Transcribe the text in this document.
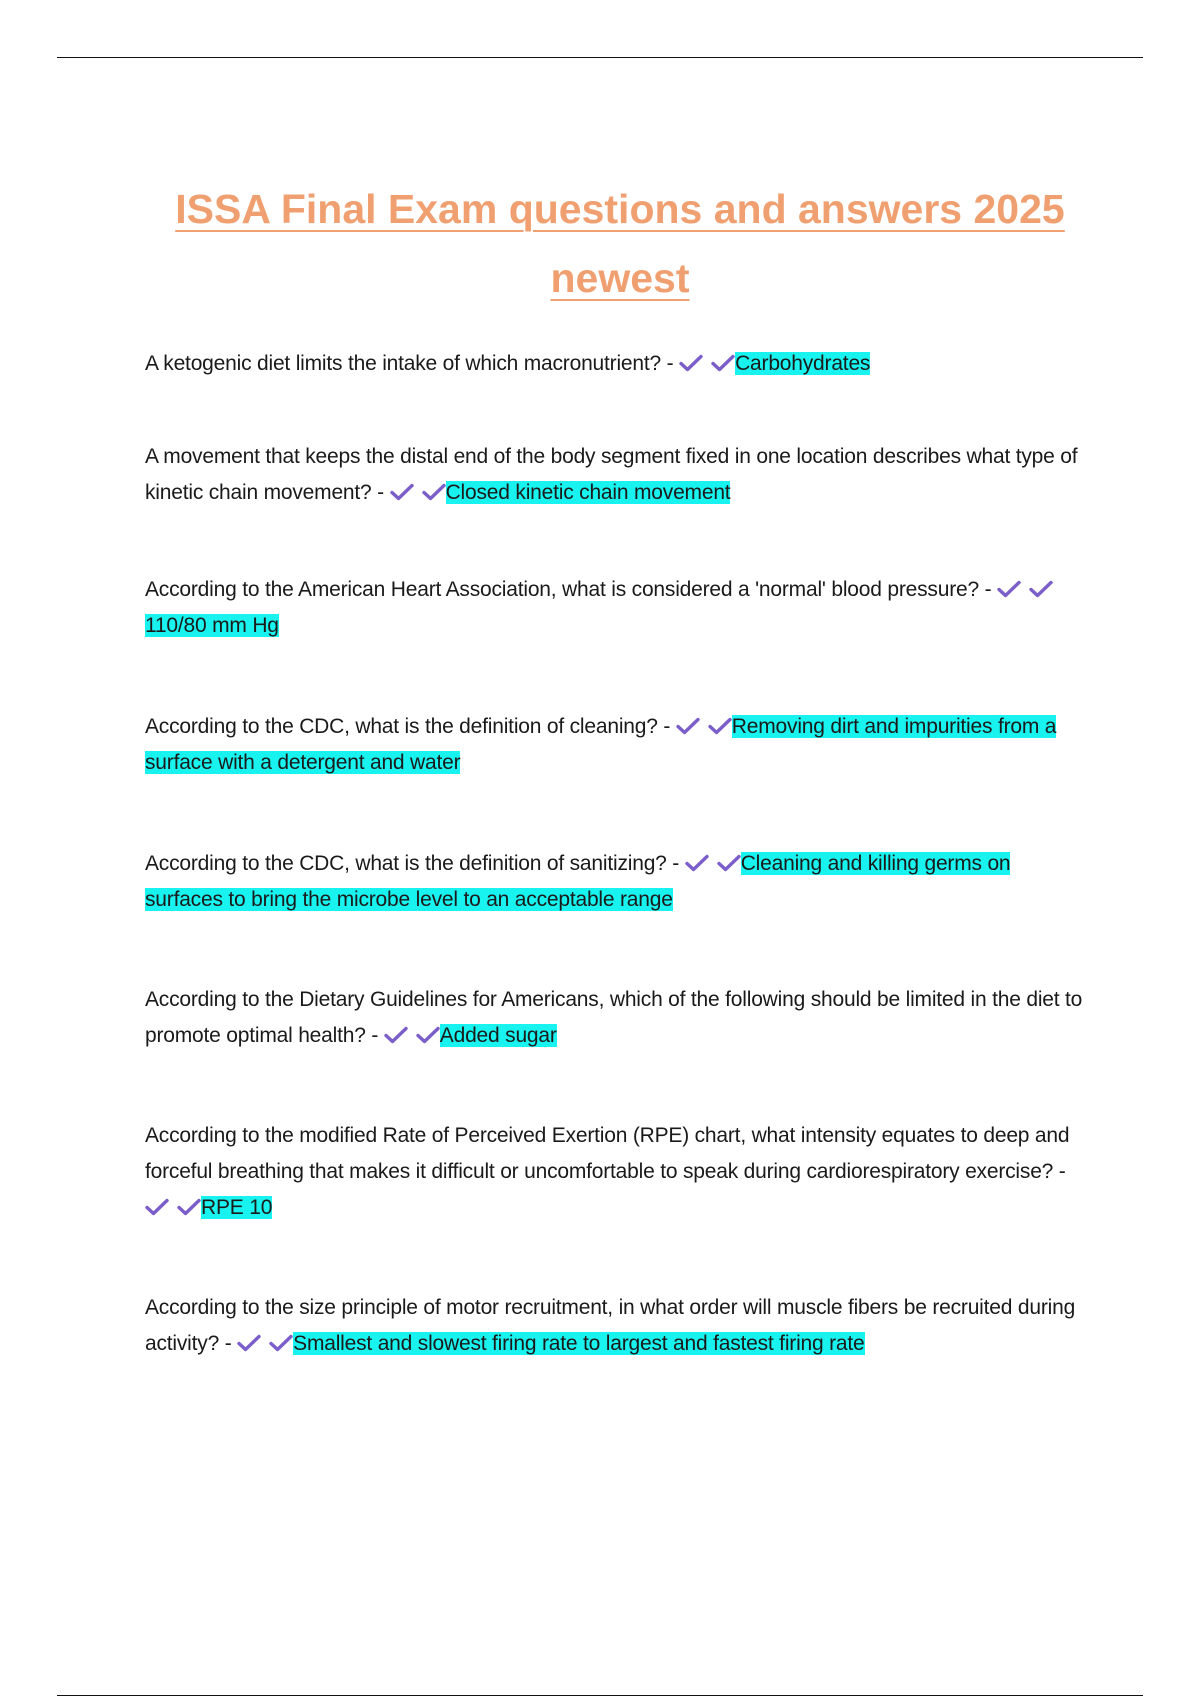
ISSA Final Exam questions and answers 2025
newest

A ketogenic diet limits the intake of which macronutrient? -	Carbohydrates

A movement that keeps the distal end of the body segment fixed in one location describes what type of kinetic chain movement? -	Closed kinetic chain movement

According to the American Heart Association, what is considered a 'normal' blood pressure? -
110/80 mm Hg

According to the CDC, what is the definition of cleaning? -	Removing dirt and impurities from a surface with a detergent and water

According to the CDC, what is the definition of sanitizing? -	Cleaning and killing germs on surfaces to bring the microbe level to an acceptable range

According to the Dietary Guidelines for Americans, which of the following should be limited in the diet to promote optimal health? -	Added sugar

According to the modified Rate of Perceived Exertion (RPE) chart, what intensity equates to deep and forceful breathing that makes it difficult or uncomfortable to speak during cardiorespiratory exercise? -
RPE 10

According to the size principle of motor recruitment, in what order will muscle fibers be recruited during activity? -	Smallest and slowest firing rate to largest and fastest firing rate
